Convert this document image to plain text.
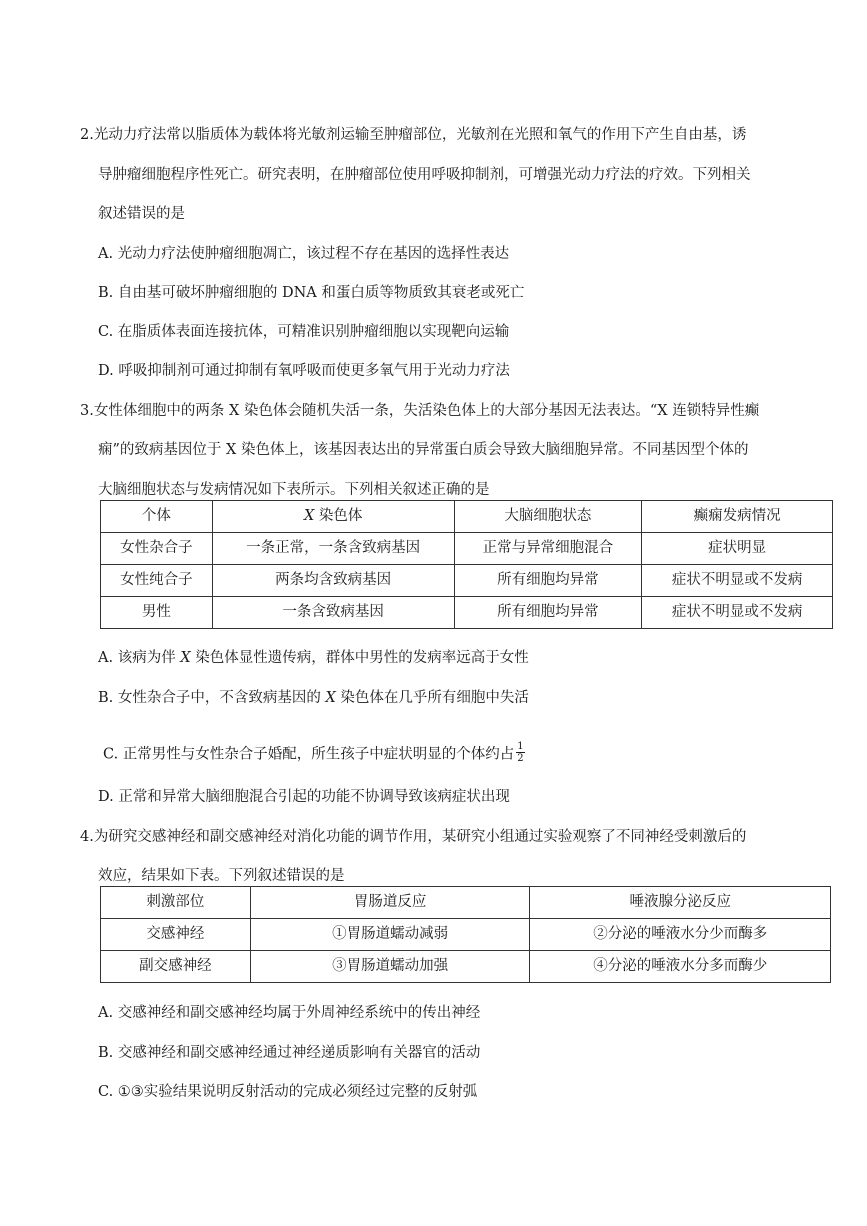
2.光动力疗法常以脂质体为载体将光敏剂运输至肿瘤部位，光敏剂在光照和氧气的作用下产生自由基，诱
导肿瘤细胞程序性死亡。研究表明，在肿瘤部位使用呼吸抑制剂，可增强光动力疗法的疗效。下列相关
叙述错误的是
A. 光动力疗法使肿瘤细胞凋亡，该过程不存在基因的选择性表达
B. 自由基可破坏肿瘤细胞的 DNA 和蛋白质等物质致其衰老或死亡
C. 在脂质体表面连接抗体，可精准识别肿瘤细胞以实现靶向运输
D. 呼吸抑制剂可通过抑制有氧呼吸而使更多氧气用于光动力疗法
3.女性体细胞中的两条 X 染色体会随机失活一条，失活染色体上的大部分基因无法表达。“X 连锁特异性癫
痫”的致病基因位于 X 染色体上，该基因表达出的异常蛋白质会导致大脑细胞异常。不同基因型个体的
大脑细胞状态与发病情况如下表所示。下列相关叙述正确的是
个体	X 染色体	大脑细胞状态	癫痫发病情况
女性杂合子	一条正常，一条含致病基因	正常与异常细胞混合	症状明显
女性纯合子	两条均含致病基因	所有细胞均异常	症状不明显或不发病
男性	一条含致病基因	所有细胞均异常	症状不明显或不发病
A. 该病为伴 X 染色体显性遗传病，群体中男性的发病率远高于女性
B. 女性杂合子中，不含致病基因的 X 染色体在几乎所有细胞中失活
C. 正常男性与女性杂合子婚配，所生孩子中症状明显的个体约占 $\frac{1}{2}$
D. 正常和异常大脑细胞混合引起的功能不协调导致该病症状出现
4.为研究交感神经和副交感神经对消化功能的调节作用，某研究小组通过实验观察了不同神经受刺激后的
效应，结果如下表。下列叙述错误的是
刺激部位	胃肠道反应	唾液腺分泌反应
交感神经	①胃肠道蠕动减弱	②分泌的唾液水分少而酶多
副交感神经	③胃肠道蠕动加强	④分泌的唾液水分多而酶少
A. 交感神经和副交感神经均属于外周神经系统中的传出神经
B. 交感神经和副交感神经通过神经递质影响有关器官的活动
C. ①③实验结果说明反射活动的完成必须经过完整的反射弧
